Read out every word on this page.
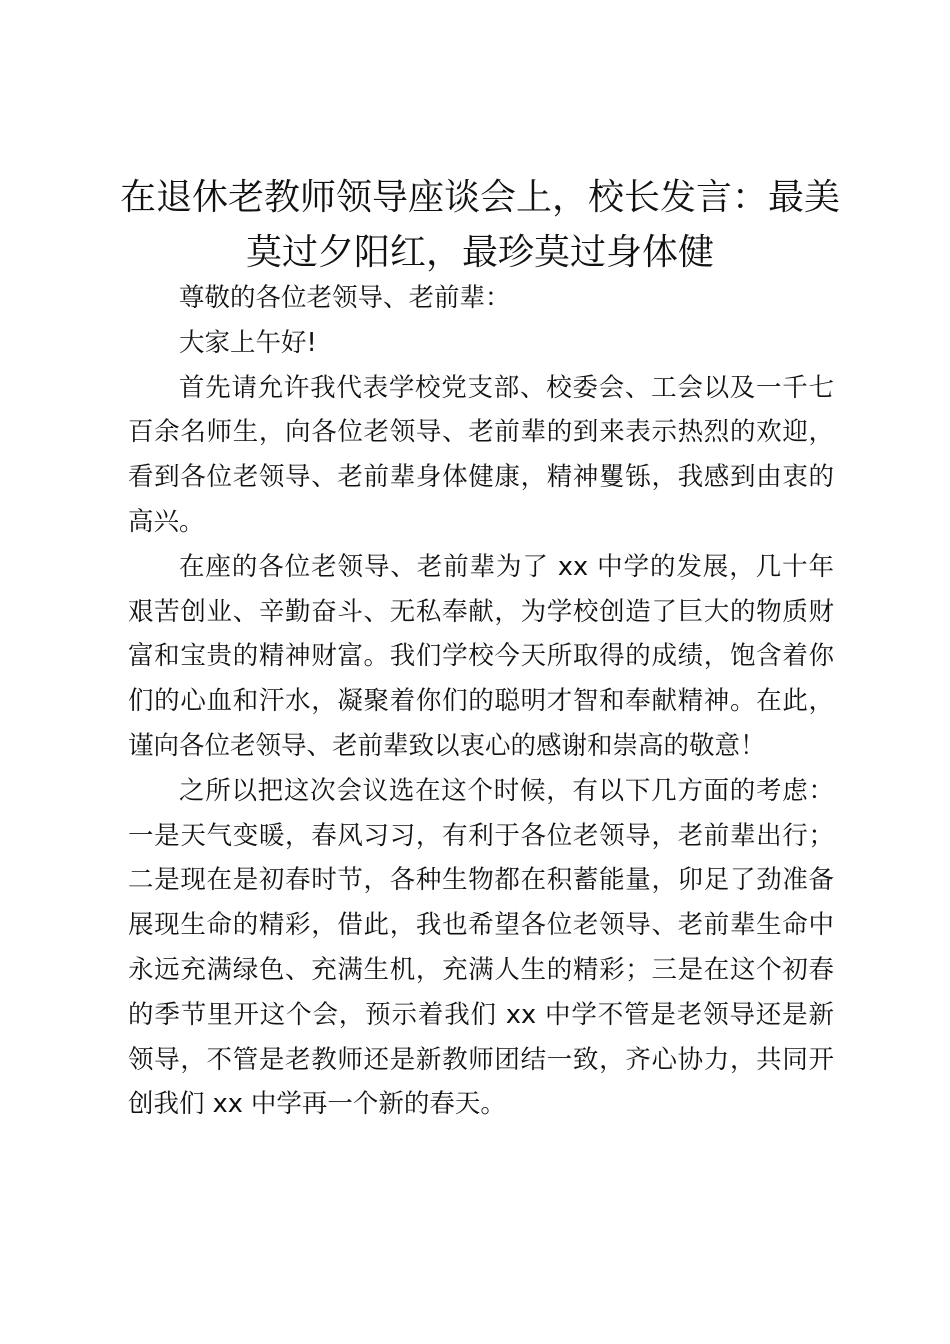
在退休老教师领导座谈会上，校长发言：最美莫过夕阳红，最珍莫过身体健

尊敬的各位老领导、老前辈：

大家上午好!

首先请允许我代表学校党支部、校委会、工会以及一千七百余名师生，向各位老领导、老前辈的到来表示热烈的欢迎，看到各位老领导、老前辈身体健康，精神矍铄，我感到由衷的高兴。

在座的各位老领导、老前辈为了 xx 中学的发展，几十年艰苦创业、辛勤奋斗、无私奉献，为学校创造了巨大的物质财富和宝贵的精神财富。我们学校今天所取得的成绩，饱含着你们的心血和汗水，凝聚着你们的聪明才智和奉献精神。在此，谨向各位老领导、老前辈致以衷心的感谢和崇高的敬意！

之所以把这次会议选在这个时候，有以下几方面的考虑：一是天气变暖，春风习习，有利于各位老领导，老前辈出行；二是现在是初春时节，各种生物都在积蓄能量，卯足了劲准备展现生命的精彩，借此，我也希望各位老领导、老前辈生命中永远充满绿色、充满生机，充满人生的精彩；三是在这个初春的季节里开这个会，预示着我们 xx 中学不管是老领导还是新领导，不管是老教师还是新教师团结一致，齐心协力，共同开创我们 xx 中学再一个新的春天。
